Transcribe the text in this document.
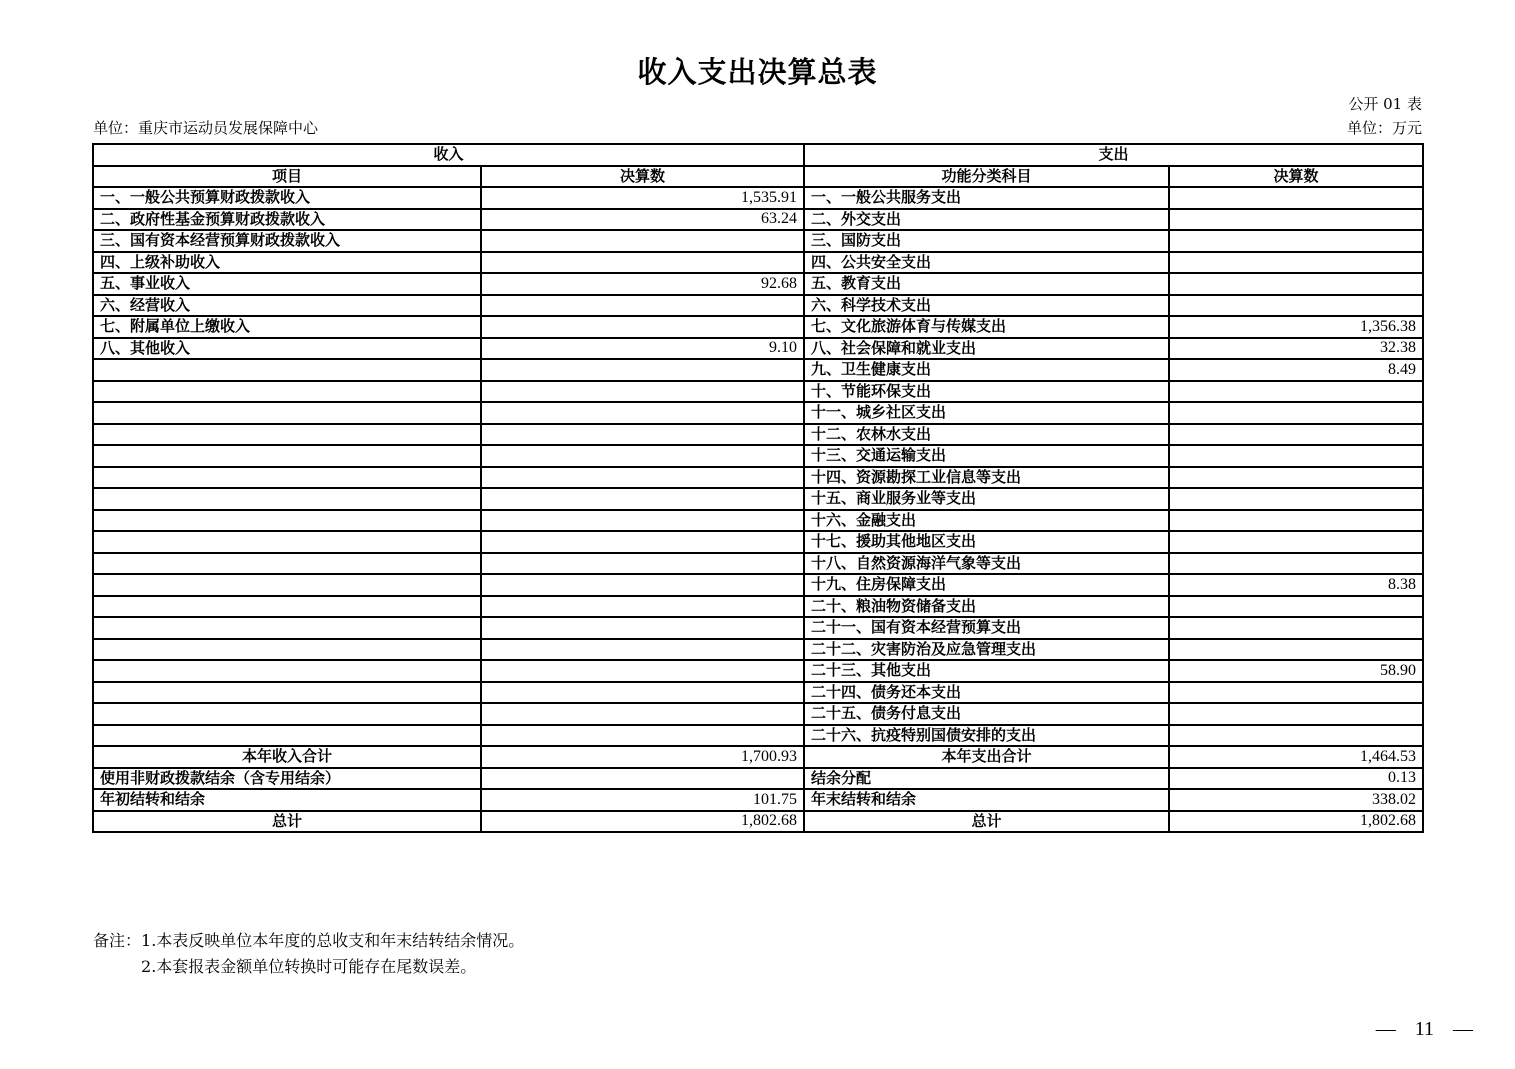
收入支出决算总表
公开 01 表
单位：重庆市运动员发展保障中心	单位：万元
收入		支出	
项目	决算数	功能分类科目	决算数
一、一般公共预算财政拨款收入	1,535.91	一、一般公共服务支出	
二、政府性基金预算财政拨款收入	63.24	二、外交支出	
三、国有资本经营预算财政拨款收入		三、国防支出	
四、上级补助收入		四、公共安全支出	
五、事业收入	92.68	五、教育支出	
六、经营收入		六、科学技术支出	
七、附属单位上缴收入		七、文化旅游体育与传媒支出	1,356.38
八、其他收入	9.10	八、社会保障和就业支出	32.38
		九、卫生健康支出	8.49
		十、节能环保支出	
		十一、城乡社区支出	
		十二、农林水支出	
		十三、交通运输支出	
		十四、资源勘探工业信息等支出	
		十五、商业服务业等支出	
		十六、金融支出	
		十七、援助其他地区支出	
		十八、自然资源海洋气象等支出	
		十九、住房保障支出	8.38
		二十、粮油物资储备支出	
		二十一、国有资本经营预算支出	
		二十二、灾害防治及应急管理支出	
		二十三、其他支出	58.90
		二十四、债务还本支出	
		二十五、债务付息支出	
		二十六、抗疫特别国债安排的支出	
本年收入合计	1,700.93	本年支出合计	1,464.53
使用非财政拨款结余（含专用结余）		结余分配	0.13
年初结转和结余	101.75	年末结转和结余	338.02
总计	1,802.68	总计	1,802.68
备注： 1.本表反映单位本年度的总收支和年末结转结余情况。
2.本套报表金额单位转换时可能存在尾数误差。
— 11 —
